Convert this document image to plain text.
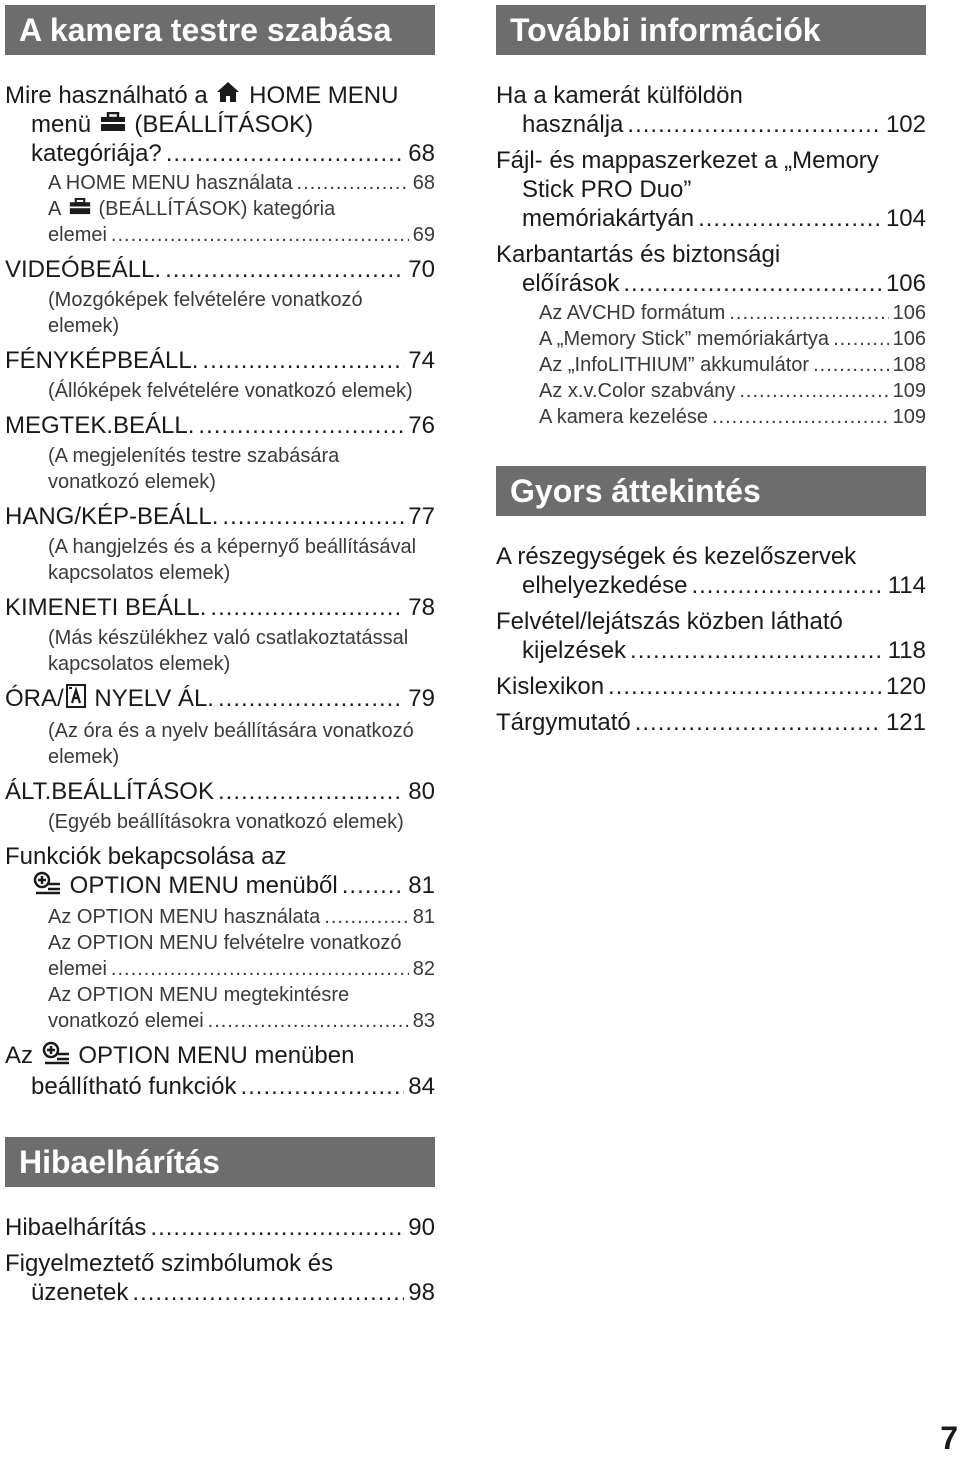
A kamera testre szabása
Mire használható a

HOME MENU
menü

(BEÁLLÍTÁSOK)
kategóriája? .....	68
A HOME MENU használata .....	68
A

(BEÁLLÍTÁSOK) kategória
elemei .....	69
VIDEÓBEÁLL. .....	70
(Mozgóképek felvételére vonatkozó elemek)
FÉNYKÉPBEÁLL. .....	74
(Állóképek felvételére vonatkozó elemek)
MEGTEK.BEÁLL. .....	76
(A megjelenítés testre szabására vonatkozó elemek)
HANG/KÉP-BEÁLL. .....	77
(A hangjelzés és a képernyő beállításával kapcsolatos elemek)
KIMENETI BEÁLL. .....	78
(Más készülékhez való csatlakoztatással kapcsolatos elemek)
ÓRA/
NYELV ÁL. .....	79
(Az óra és a nyelv beállítására vonatkozó elemek)
ÁLT.BEÁLLÍTÁSOK .....	80
(Egyéb beállításokra vonatkozó elemek)
Funkciók bekapcsolása az

OPTION MENU menüből .....	81
Az OPTION MENU használata .....	81
Az OPTION MENU felvételre vonatkozó
elemei .....	82
Az OPTION MENU megtekintésre
vonatkozó elemei .....	83
Az

OPTION MENU menüben
beállítható funkciók .....	84
Hibaelhárítás
Hibaelhárítás .....	90
Figyelmeztető szimbólumok és
üzenetek .....	98
További információk
Ha a kamerát külföldön
használja .....	102
Fájl- és mappaszerkezet a „Memory
Stick PRO Duo”
memóriakártyán .....	104
Karbantartás és biztonsági
előírások .....	106
Az AVCHD formátum .....	106
A „Memory Stick” memóriakártya .....	106
Az „InfoLITHIUM” akkumulátor .....	108
Az x.v.Color szabvány .....	109
A kamera kezelése .....	109
Gyors áttekintés
A részegységek és kezelőszervek
elhelyezkedése .....	114
Felvétel/lejátszás közben látható
kijelzések .....	118
Kislexikon .....	120
Tárgymutató .....	121
7
